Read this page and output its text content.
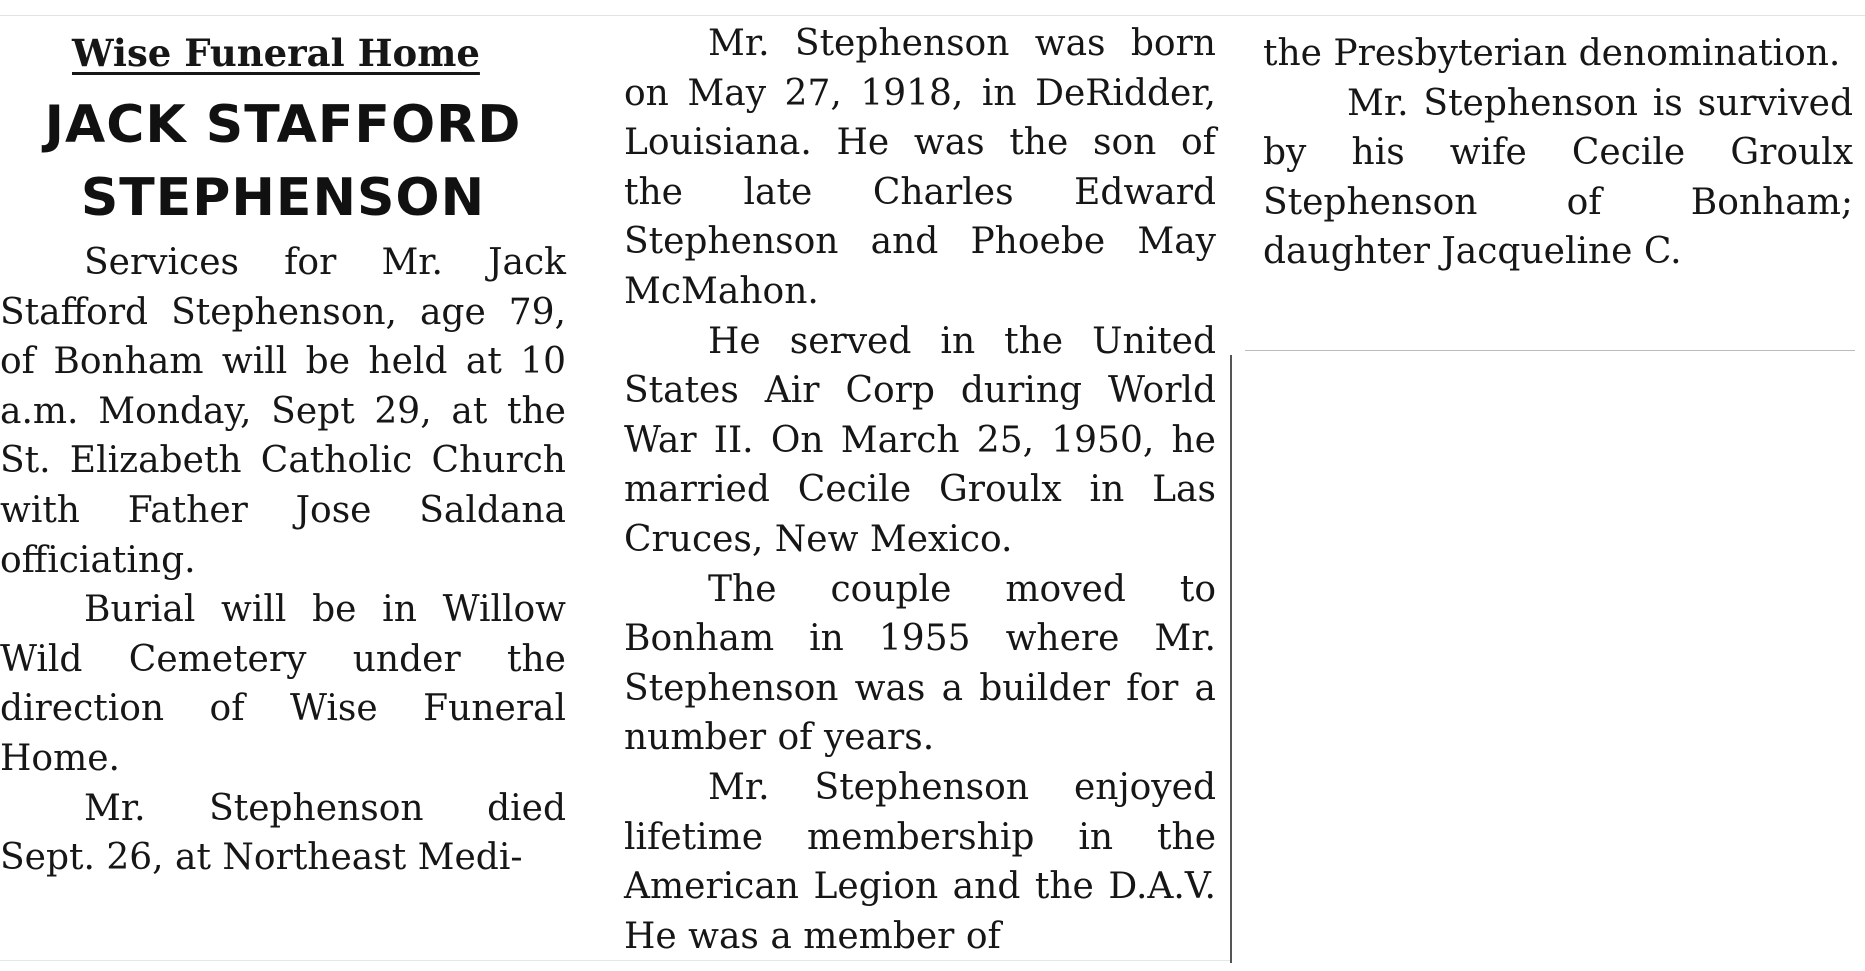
Wise Funeral Home
JACK STAFFORD
STEPHENSON

Services for Mr. Jack Stafford Stephenson, age 79, of Bonham will be held at 10 a.m. Monday, Sept 29, at the St. Elizabeth Catholic Church with Father Jose Saldana officiating.

Burial will be in Willow Wild Cemetery under the direction of Wise Funeral Home.

Mr. Stephenson died Sept. 26, at Northeast Medi-

Mr. Stephenson was born on May 27, 1918, in DeRidder, Louisiana. He was the son of the late Charles Edward Stephenson and Phoebe May McMahon.

He served in the United States Air Corp during World War II. On March 25, 1950, he married Cecile Groulx in Las Cruces, New Mexico.

The couple moved to Bonham in 1955 where Mr. Stephenson was a builder for a number of years.

Mr. Stephenson enjoyed lifetime membership in the American Legion and the D.A.V. He was a member of

the Presbyterian denomination.

Mr. Stephenson is survived by his wife Cecile Groulx Stephenson of Bonham; daughter Jacqueline C.
